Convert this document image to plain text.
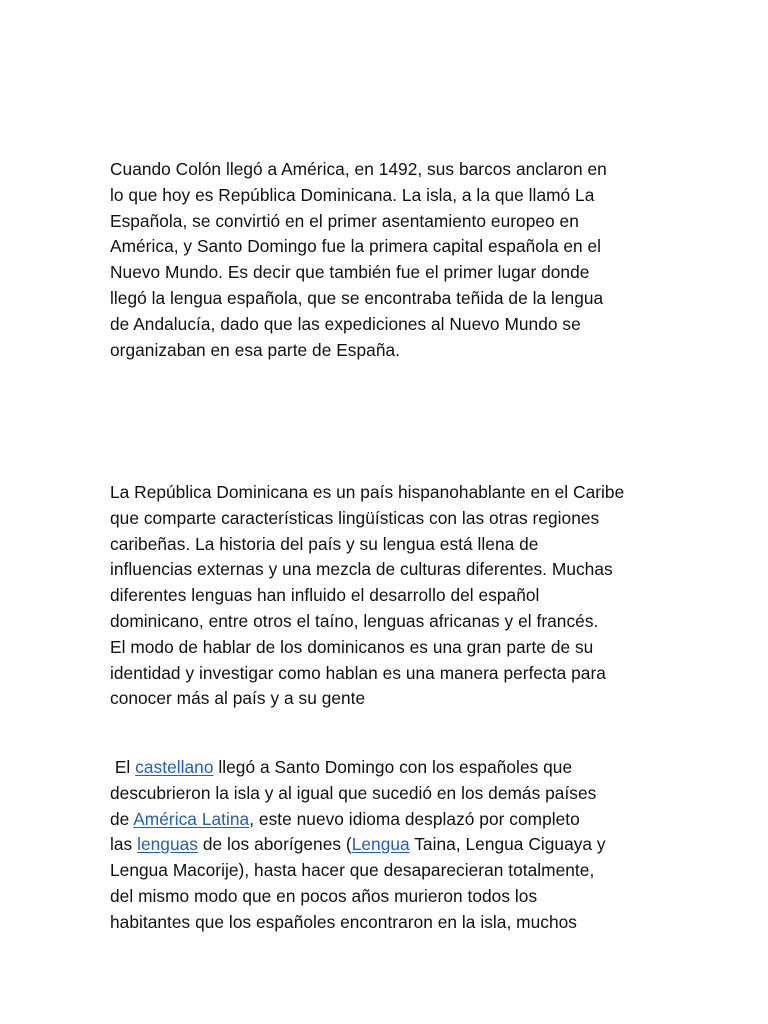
Cuando Colón llegó a América, en 1492, sus barcos anclaron en
lo que hoy es República Dominicana. La isla, a la que llamó La
Española, se convirtió en el primer asentamiento europeo en
América, y Santo Domingo fue la primera capital española en el
Nuevo Mundo. Es decir que también fue el primer lugar donde
llegó la lengua española, que se encontraba teñida de la lengua
de Andalucía, dado que las expediciones al Nuevo Mundo se
organizaban en esa parte de España.

La República Dominicana es un país hispanohablante en el Caribe
que comparte características lingüísticas con las otras regiones
caribeñas. La historia del país y su lengua está llena de
influencias externas y una mezcla de culturas diferentes. Muchas
diferentes lenguas han influido el desarrollo del español
dominicano, entre otros el taíno, lenguas africanas y el francés.
El modo de hablar de los dominicanos es una gran parte de su
identidad y investigar como hablan es una manera perfecta para
conocer más al país y a su gente

El castellano llegó a Santo Domingo con los españoles que
descubrieron la isla y al igual que sucedió en los demás países
de América Latina, este nuevo idioma desplazó por completo
las lenguas de los aborígenes (Lengua Taina, Lengua Ciguaya y
Lengua Macorije), hasta hacer que desaparecieran totalmente,
del mismo modo que en pocos años murieron todos los
habitantes que los españoles encontraron en la isla, muchos
